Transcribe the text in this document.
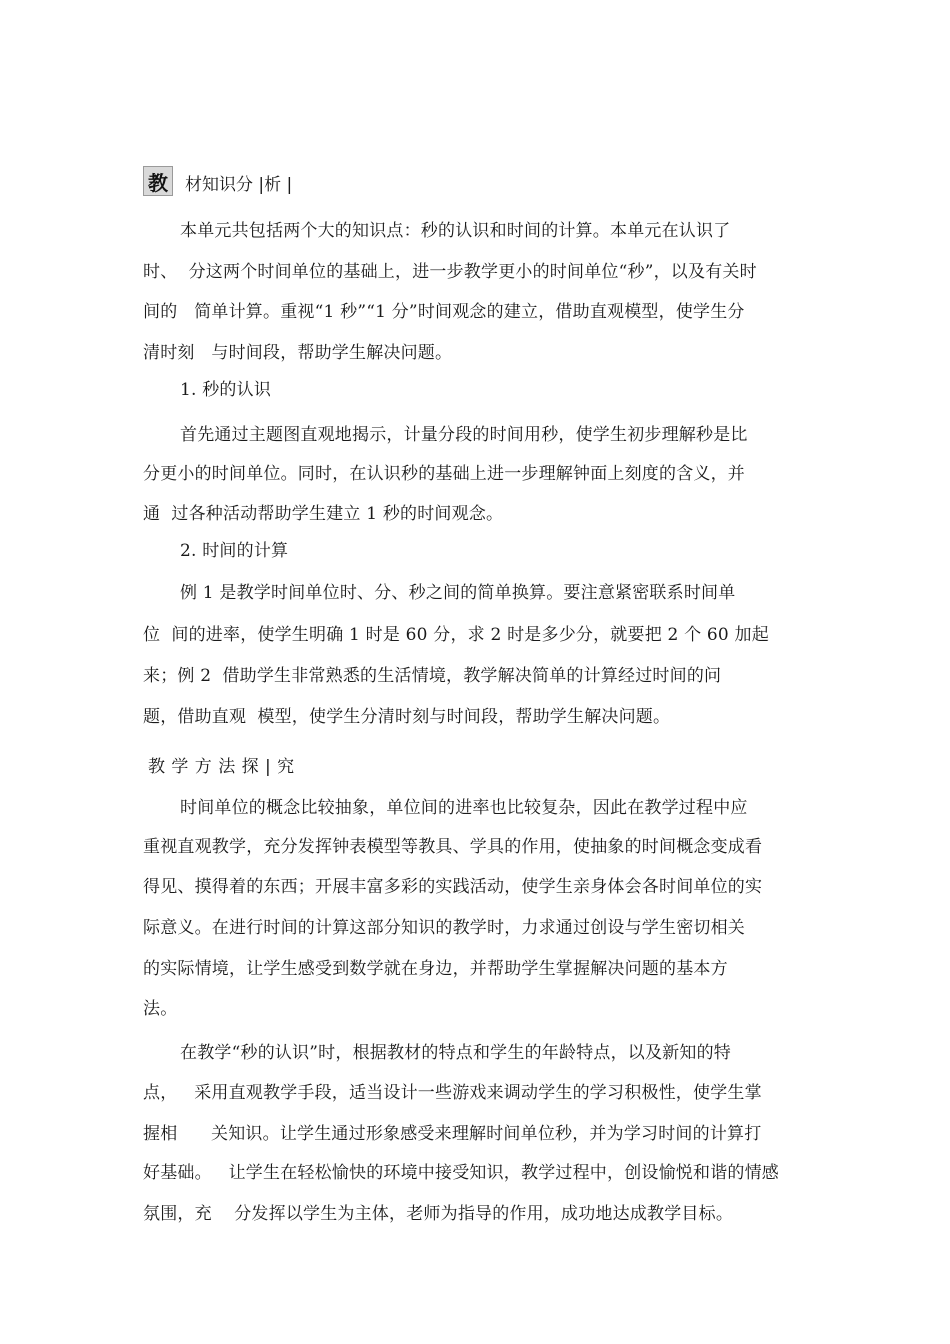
教 材知识分 |析 |
本单元共包括两个大的知识点：秒的认识和时间的计算。本单元在认识了
时、  分这两个时间单位的基础上，进一步教学更小的时间单位“秒”，以及有关时
间的   简单计算。重视“1 秒”“1 分”时间观念的建立，借助直观模型，使学生分
清时刻   与时间段，帮助学生解决问题。
1. 秒的认识
首先通过主题图直观地揭示，计量分段的时间用秒，使学生初步理解秒是比
分更小的时间单位。同时，在认识秒的基础上进一步理解钟面上刻度的含义，并
通  过各种活动帮助学生建立 1 秒的时间观念。
2. 时间的计算
例 1 是教学时间单位时、分、秒之间的简单换算。要注意紧密联系时间单
位  间的进率，使学生明确 1 时是 60 分，求 2 时是多少分，就要把 2 个 60 加起
来；例 2  借助学生非常熟悉的生活情境，教学解决简单的计算经过时间的问
题，借助直观  模型，使学生分清时刻与时间段，帮助学生解决问题。
教 学 方 法 探 | 究
时间单位的概念比较抽象，单位间的进率也比较复杂，因此在教学过程中应
重视直观教学，充分发挥钟表模型等教具、学具的作用，使抽象的时间概念变成看
得见、摸得着的东西；开展丰富多彩的实践活动，使学生亲身体会各时间单位的实
际意义。在进行时间的计算这部分知识的教学时，力求通过创设与学生密切相关
的实际情境，让学生感受到数学就在身边，并帮助学生掌握解决问题的基本方
法。
在教学“秒的认识”时，根据教材的特点和学生的年龄特点，以及新知的特
点，   采用直观教学手段，适当设计一些游戏来调动学生的学习积极性，使学生掌
握相      关知识。让学生通过形象感受来理解时间单位秒，并为学习时间的计算打
好基础。   让学生在轻松愉快的环境中接受知识，教学过程中，创设愉悦和谐的情感
氛围，充    分发挥以学生为主体，老师为指导的作用，成功地达成教学目标。
